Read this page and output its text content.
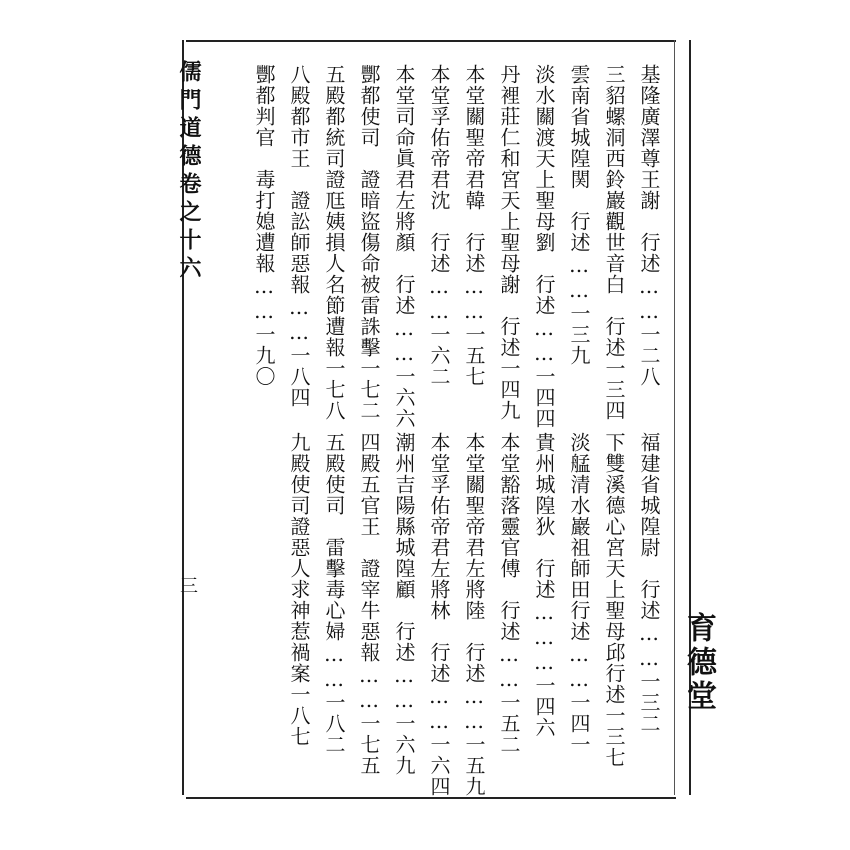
儒門道德卷之十六
三
育德堂
基隆廣澤尊王謝　行述……一二八
福建省城隍尉　行述……一三二
三貂螺洞西鈴巖觀世音白　行述一三四
下雙溪德心宮天上聖母邱行述一三七
雲南省城隍関　行述……一三九
淡艋清水巖祖師田行述……一四一
淡水關渡天上聖母劉　行述……一四四
貴州城隍狄　行述………一四六
丹裡莊仁和宮天上聖母謝　行述一四九
本堂豁落靈官傅　行述……一五二
本堂關聖帝君韓　行述……一五七
本堂關聖帝君左將陸　行述……一五九
本堂孚佑帝君沈　行述……一六二
本堂孚佑帝君左將林　行述……一六四
本堂司命眞君左將顏　行述……一六六
潮州吉陽縣城隍顧　行述……一六九
酆都使司　證暗盜傷命被雷誅擊一七二
四殿五官王　證宰牛惡報……一七五
五殿都統司證尫姨損人名節遭報一七八
五殿使司　雷擊毒心婦……一八二
八殿都市王　證訟師惡報……一八四
九殿使司證惡人求神惹禍案一八七
酆都判官　毒打媳遭報……一九〇
